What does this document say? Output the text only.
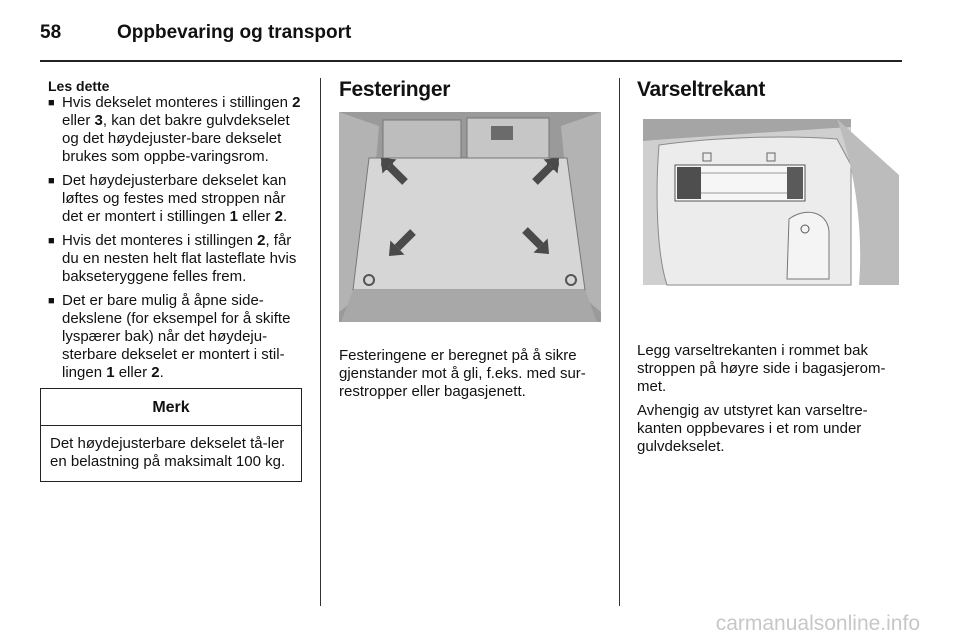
58	Oppbevaring og transport
Les dette
■ Hvis dekselet monteres i stillingen 2 eller 3, kan det bakre gulvdekselet og det høydejuster-bare dekselet brukes som oppbe-varingsrom.
■ Det høydejusterbare dekselet kan løftes og festes med stroppen når det er montert i stillingen 1 eller 2.
■ Hvis det monteres i stillingen 2, får du en nesten helt flat lasteflate hvis bakseteryggene felles frem.
■ Det er bare mulig å åpne side-dekslene (for eksempel for å skifte lyspærer bak) når det høydeju-sterbare dekselet er montert i stil-lingen 1 eller 2.
Merk
Det høydejusterbare dekselet tå-ler en belastning på maksimalt 100 kg.
Festeringer
Festeringene er beregnet på å sikre gjenstander mot å gli, f.eks. med sur-restropper eller bagasjenett.
Varseltrekant
Legg varseltrekanten i rommet bak stroppen på høyre side i bagasjerom-met.
Avhengig av utstyret kan varseltre-kanten oppbevares i et rom under gulvdekselet.
carmanualsonline.info
